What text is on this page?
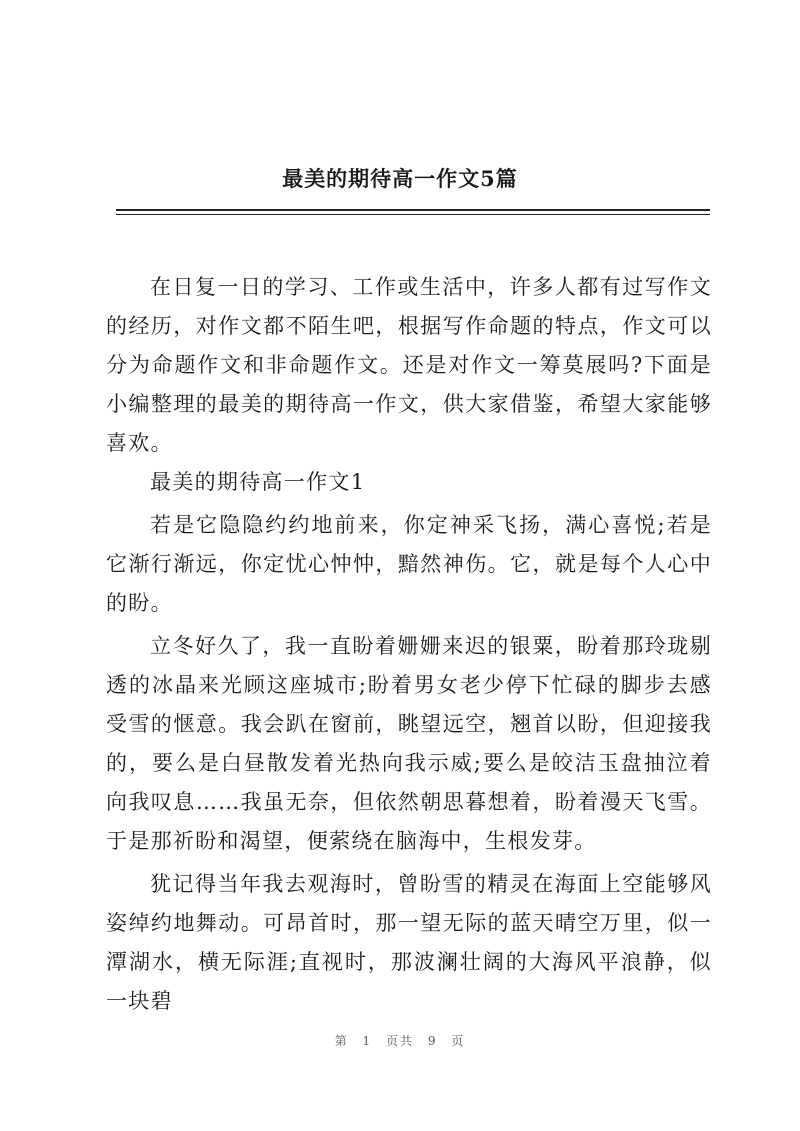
最美的期待高一作文5篇

在日复一日的学习、工作或生活中，许多人都有过写作文的经历，对作文都不陌生吧，根据写作命题的特点，作文可以分为命题作文和非命题作文。还是对作文一筹莫展吗?下面是小编整理的最美的期待高一作文，供大家借鉴，希望大家能够喜欢。

最美的期待高一作文1

若是它隐隐约约地前来，你定神采飞扬，满心喜悦;若是它渐行渐远，你定忧心忡忡，黯然神伤。它，就是每个人心中的盼。

立冬好久了，我一直盼着姗姗来迟的银粟，盼着那玲珑剔透的冰晶来光顾这座城市;盼着男女老少停下忙碌的脚步去感受雪的惬意。我会趴在窗前，眺望远空，翘首以盼，但迎接我的，要么是白昼散发着光热向我示威;要么是皎洁玉盘抽泣着向我叹息……我虽无奈，但依然朝思暮想着，盼着漫天飞雪。于是那祈盼和渴望，便萦绕在脑海中，生根发芽。

犹记得当年我去观海时，曾盼雪的精灵在海面上空能够风姿绰约地舞动。可昂首时，那一望无际的蓝天晴空万里，似一潭湖水，横无际涯;直视时，那波澜壮阔的大海风平浪静，似一块碧

第 1 页共 9 页
